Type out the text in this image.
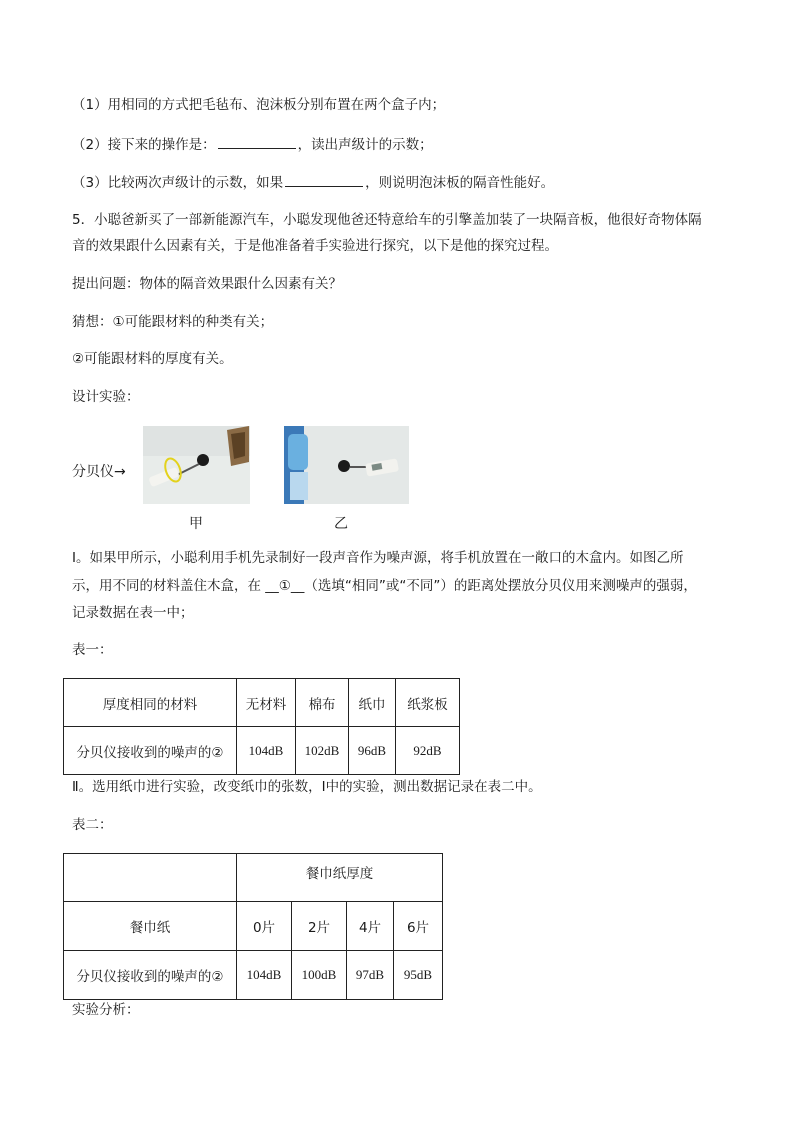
（1）用相同的方式把毛毡布、泡沫板分别布置在两个盒子内；
（2）接下来的操作是：	，读出声级计的示数；
（3）比较两次声级计的示数，如果	，则说明泡沫板的隔音性能好。
5．小聪爸新买了一部新能源汽车，小聪发现他爸还特意给车的引擎盖加装了一块隔音板，他很好奇物体隔
音的效果跟什么因素有关，于是他准备着手实验进行探究，以下是他的探究过程。
提出问题：物体的隔音效果跟什么因素有关？
猜想：①可能跟材料的种类有关；
②可能跟材料的厚度有关。
设计实验：
分贝仪→
甲	乙
Ⅰ。如果甲所示，小聪利用手机先录制好一段声音作为噪声源，将手机放置在一敞口的木盒内。如图乙所
示，用不同的材料盖住木盒，在 __①__（选填“相同”或“不同”）的距离处摆放分贝仪用来测噪声的强弱，
记录数据在表一中；
表一：
厚度相同的材料	无材料	棉布	纸巾	纸浆板
分贝仪接收到的噪声的②	104dB	102dB	96dB	92dB
Ⅱ。选用纸巾进行实验，改变纸巾的张数，Ⅰ中的实验，测出数据记录在表二中。
表二：
	餐巾纸厚度			
餐巾纸	0片	2片	4片	6片
分贝仪接收到的噪声的②	104dB	100dB	97dB	95dB
实验分析：
